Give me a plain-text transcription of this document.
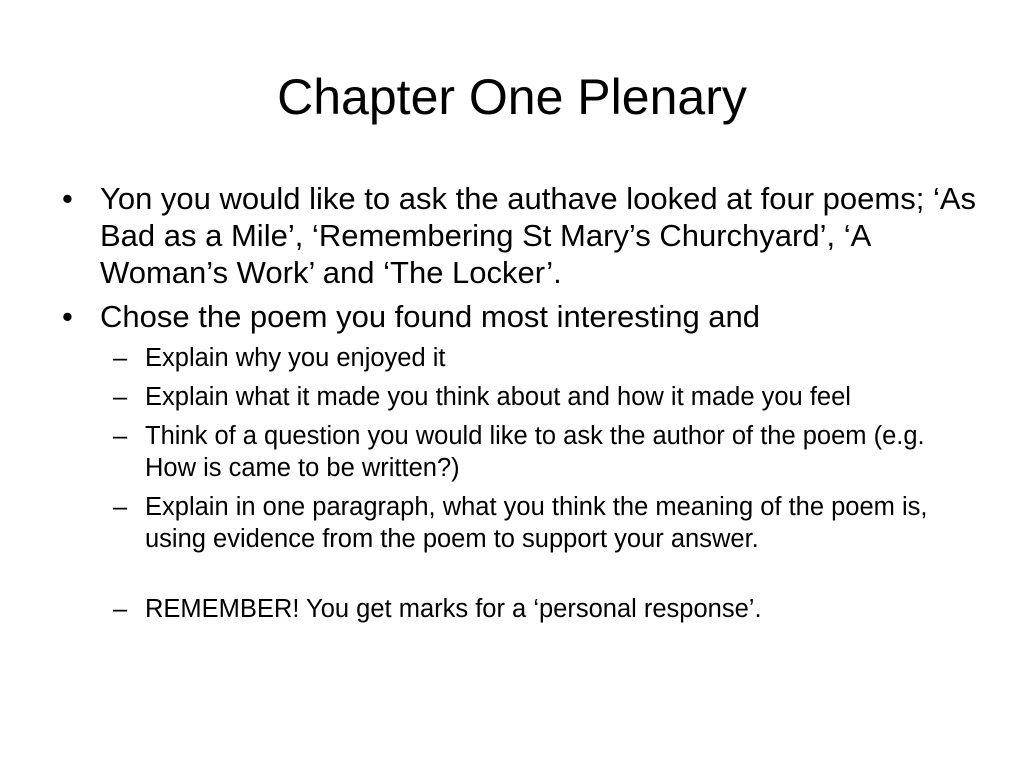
Chapter One Plenary
• Yon you would like to ask the authave looked at four poems; ‘As Bad as a Mile’, ‘Remembering St Mary’s Churchyard’, ‘A Woman’s Work’ and ‘The Locker’.
• Chose the poem you found most interesting and
– Explain why you enjoyed it
– Explain what it made you think about and how it made you feel
– Think of a question you would like to ask the author of the poem (e.g. How is came to be written?)
– Explain in one paragraph, what you think the meaning of the poem is, using evidence from the poem to support your answer.
– REMEMBER! You get marks for a ‘personal response’.
